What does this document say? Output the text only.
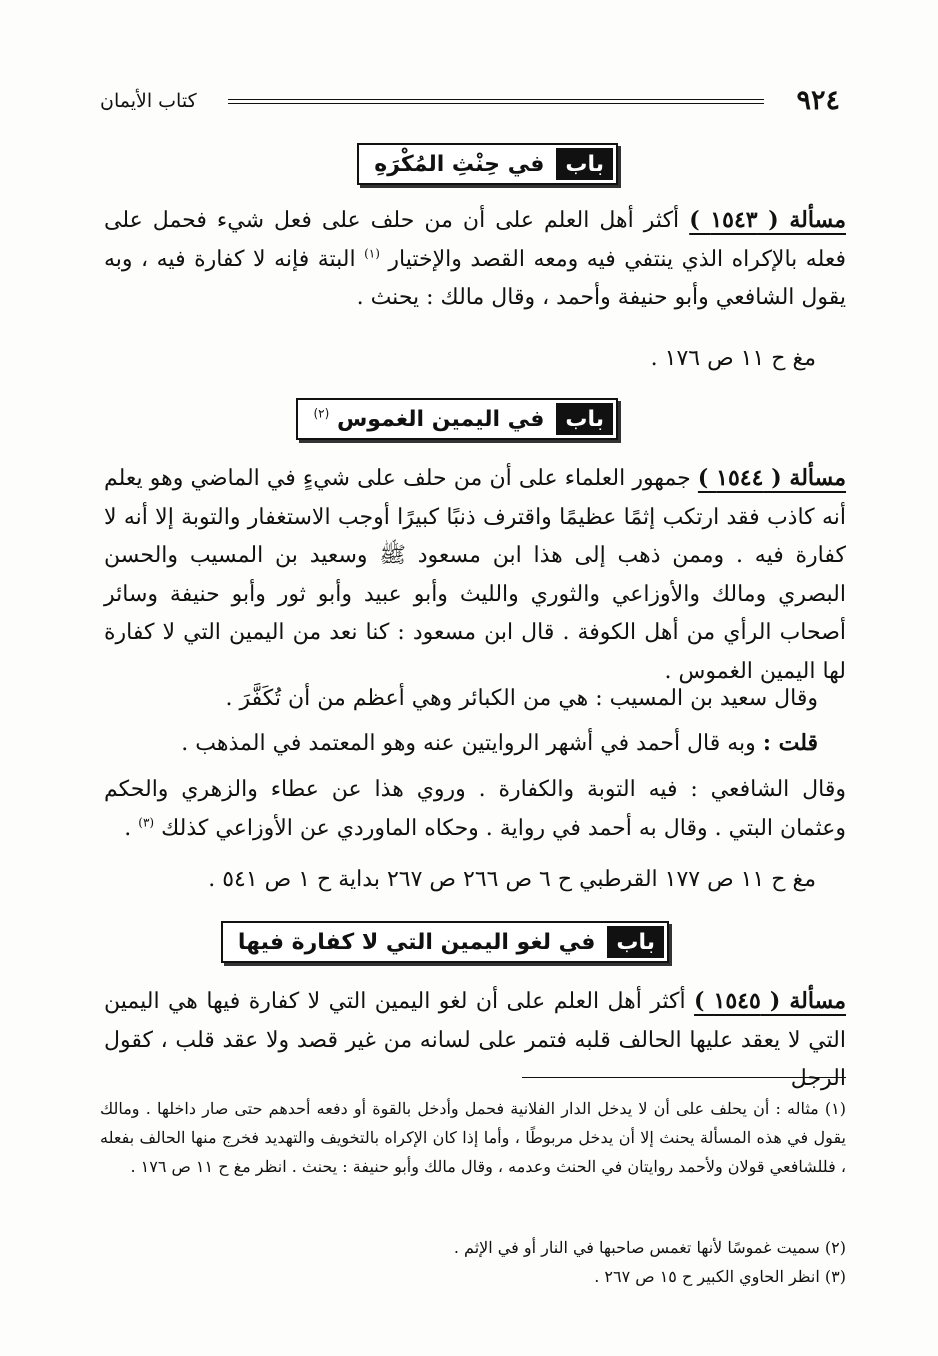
٩٢٤
كتاب الأيمان
باب
في حِنْثِ المُكْرَهِ
مسألة ( ١٥٤٣ ) أكثر أهل العلم على أن من حلف على فعل شيء فحمل على فعله بالإكراه الذي ينتفي فيه ومعه القصد والإختيار $^{(١)}$ البتة فإنه لا كفارة فيه ، وبه يقول الشافعي وأبو حنيفة وأحمد ، وقال مالك : يحنث .
مغ ح ١١ ص ١٧٦ .
باب
في اليمين الغموس $^{(٢)}$
مسألة ( ١٥٤٤ ) جمهور العلماء على أن من حلف على شيءٍ في الماضي وهو يعلم أنه كاذب فقد ارتكب إثمًا عظيمًا واقترف ذنبًا كبيرًا أوجب الاستغفار والتوبة إلا أنه لا كفارة فيه . وممن ذهب إلى هذا ابن مسعود ﷺ وسعيد بن المسيب والحسن البصري ومالك والأوزاعي والثوري والليث وأبو عبيد وأبو ثور وأبو حنيفة وسائر أصحاب الرأي من أهل الكوفة . قال ابن مسعود : كنا نعد من اليمين التي لا كفارة لها اليمين الغموس .
وقال سعيد بن المسيب : هي من الكبائر وهي أعظم من أن تُكَفَّرَ .
قلت : وبه قال أحمد في أشهر الروايتين عنه وهو المعتمد في المذهب .
وقال الشافعي : فيه التوبة والكفارة . وروي هذا عن عطاء والزهري والحكم وعثمان البتي . وقال به أحمد في رواية . وحكاه الماوردي عن الأوزاعي كذلك $^{(٣)}$ .
مغ ح ١١ ص ١٧٧ القرطبي ح ٦ ص ٢٦٦ ص ٢٦٧ بداية ح ١ ص ٥٤١ .
باب
في لغو اليمين التي لا كفارة فيها
مسألة ( ١٥٤٥ ) أكثر أهل العلم على أن لغو اليمين التي لا كفارة فيها هي اليمين التي لا يعقد عليها الحالف قلبه فتمر على لسانه من غير قصد ولا عقد قلب ، كقول الرجل
(١) مثاله : أن يحلف على أن لا يدخل الدار الفلانية فحمل وأدخل بالقوة أو دفعه أحدهم حتى صار داخلها . ومالك يقول في هذه المسألة يحنث إلا أن يدخل مربوطًا ، وأما إذا كان الإكراه بالتخويف والتهديد فخرج منها الحالف بفعله ، فللشافعي قولان ولأحمد روايتان في الحنث وعدمه ، وقال مالك وأبو حنيفة : يحنث . انظر مغ ح ١١ ص ١٧٦ .
(٢) سميت غموسًا لأنها تغمس صاحبها في النار أو في الإثم .
(٣) انظر الحاوي الكبير ح ١٥ ص ٢٦٧ .
